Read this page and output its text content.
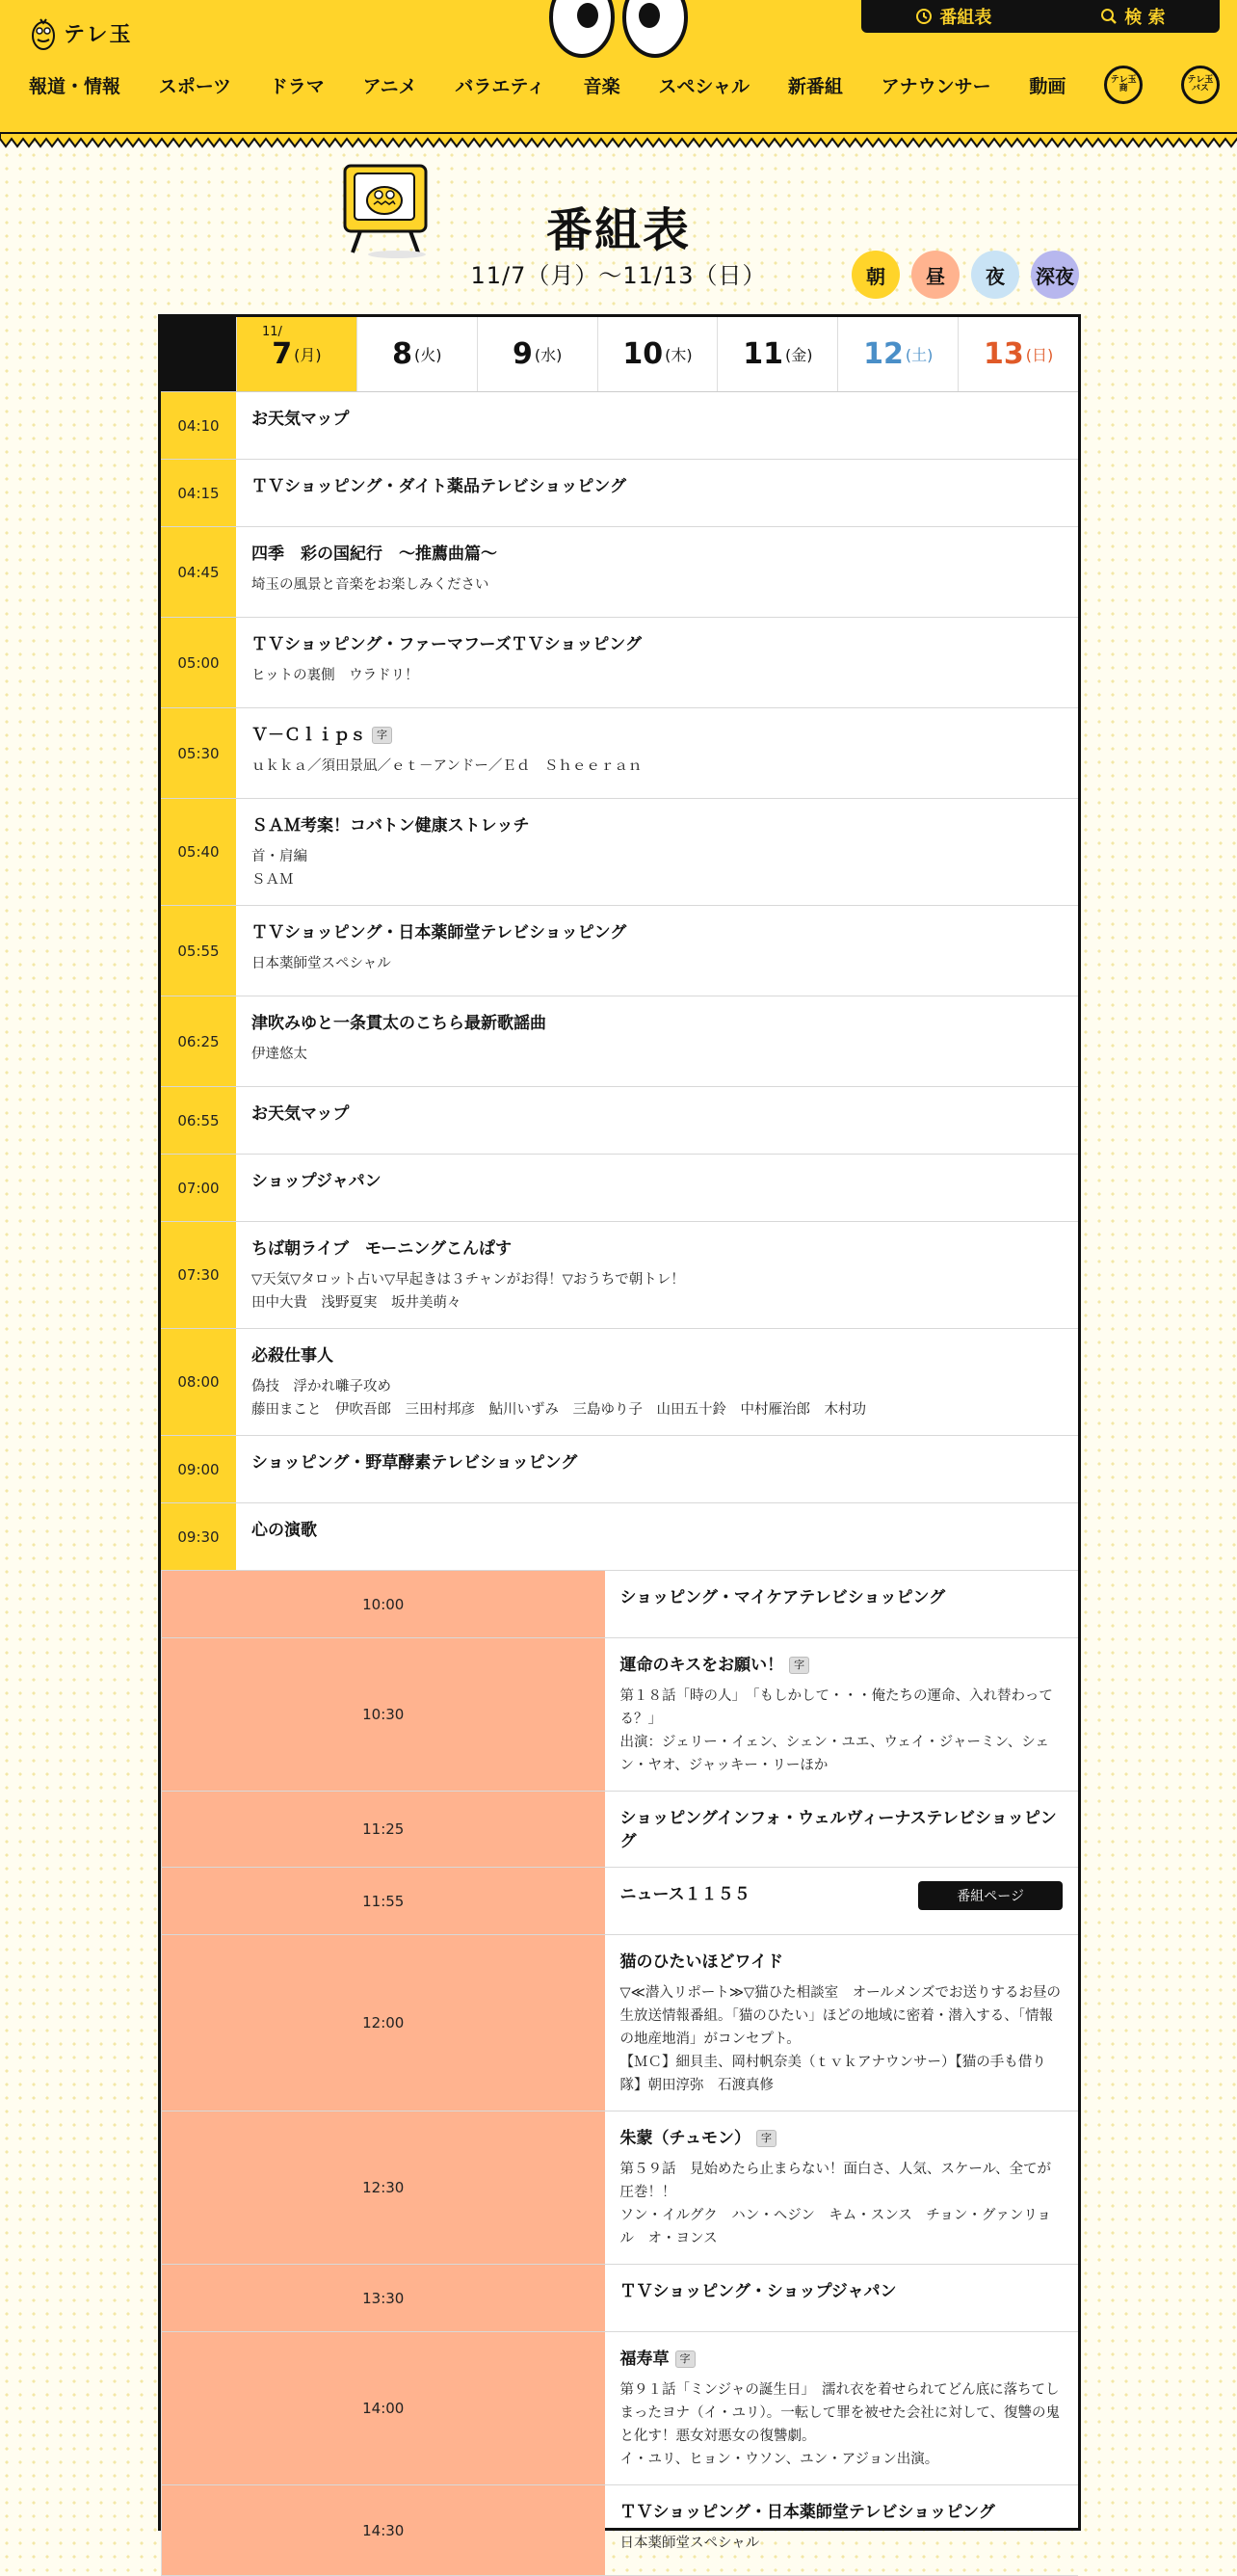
テレ玉
番組表	検 索
報道・情報 スポーツ ドラマ アニメ バラエティ 音楽 スペシャル 新番組 アナウンサー 動画	テレ玉商
テレ玉バス
番組表
11/7（月）〜11/13（日）	朝	昼	夜	深夜
11/
7 (月) 8 (火) 9 (水) 10 (木) 11 (金) 12 (土) 13 (日)
04:10	お天気マップ
04:15	ＴＶショッピング・ダイト薬品テレビショッピング
04:45
四季　彩の国紀行　～推薦曲篇～
埼玉の風景と音楽をお楽しみください
05:00
ＴＶショッピング・ファーマフーズＴＶショッピング
ヒットの裏側　ウラドリ！
05:30
Ｖ－Ｃｌｉｐｓ 字
ｕｋｋａ／須田景凪／ｅｔ－アンドー／Ｅｄ　Ｓｈｅｅｒａｎ
05:40
ＳＡＭ考案！コバトン健康ストレッチ
首・肩編
ＳＡＭ
05:55
ＴＶショッピング・日本薬師堂テレビショッピング
日本薬師堂スペシャル
06:25
津吹みゆと一条貫太のこちら最新歌謡曲
伊達悠太
06:55	お天気マップ
07:00	ショップジャパン
07:30
ちば朝ライブ　モーニングこんぱす
▽天気▽タロット占い▽早起きは３チャンがお得！▽おうちで朝トレ！
田中大貴　浅野夏実　坂井美萌々
08:00
必殺仕事人
偽技　浮かれ囃子攻め
藤田まこと　伊吹吾郎　三田村邦彦　鮎川いずみ　三島ゆり子　山田五十鈴　中村雁治郎　木村功
09:00	ショッピング・野草酵素テレビショッピング
09:30	心の演歌
10:00	ショッピング・マイケアテレビショッピング
10:30
運命のキスをお願い！ 字
第１８話「時の人」　「もしかして・・・俺たちの運命、入れ替わってる？」
出演：ジェリー・イェン、シェン・ユエ、ウェイ・ジャーミン、シェン・ヤオ、ジャッキー・リーほか
11:25
ショッピングインフォ・ウェルヴィーナステレビショッピング
11:55	ニュース１１５５	番組ページ
12:00
猫のひたいほどワイド
▽≪潜入リポート≫▽猫ひた相談室　オールメンズでお送りするお昼の生放送情報番組。「猫のひたい」ほどの地域に密着・潜入する、「情報の地産地消」がコンセプト。
【ＭＣ】細貝圭、岡村帆奈美（ｔｖｋアナウンサー）【猫の手も借り隊】朝田淳弥　石渡真修
12:30
朱蒙（チュモン） 字
第５９話　見始めたら止まらない！面白さ、人気、スケール、全てが圧巻！！
ソン・イルグク　ハン・ヘジン　キム・スンス　チョン・グァンリョル　オ・ヨンス
13:30	ＴＶショッピング・ショップジャパン
14:00
福寿草 字
第９１話「ミンジャの誕生日」　濡れ衣を着せられてどん底に落ちてしまったヨナ（イ・ユリ）。一転して罪を被せた会社に対して、復讐の鬼と化す！悪女対悪女の復讐劇。
イ・ユリ、ヒョン・ウソン、ユン・アジョン出演。
14:30
ＴＶショッピング・日本薬師堂テレビショッピング
日本薬師堂スペシャル
